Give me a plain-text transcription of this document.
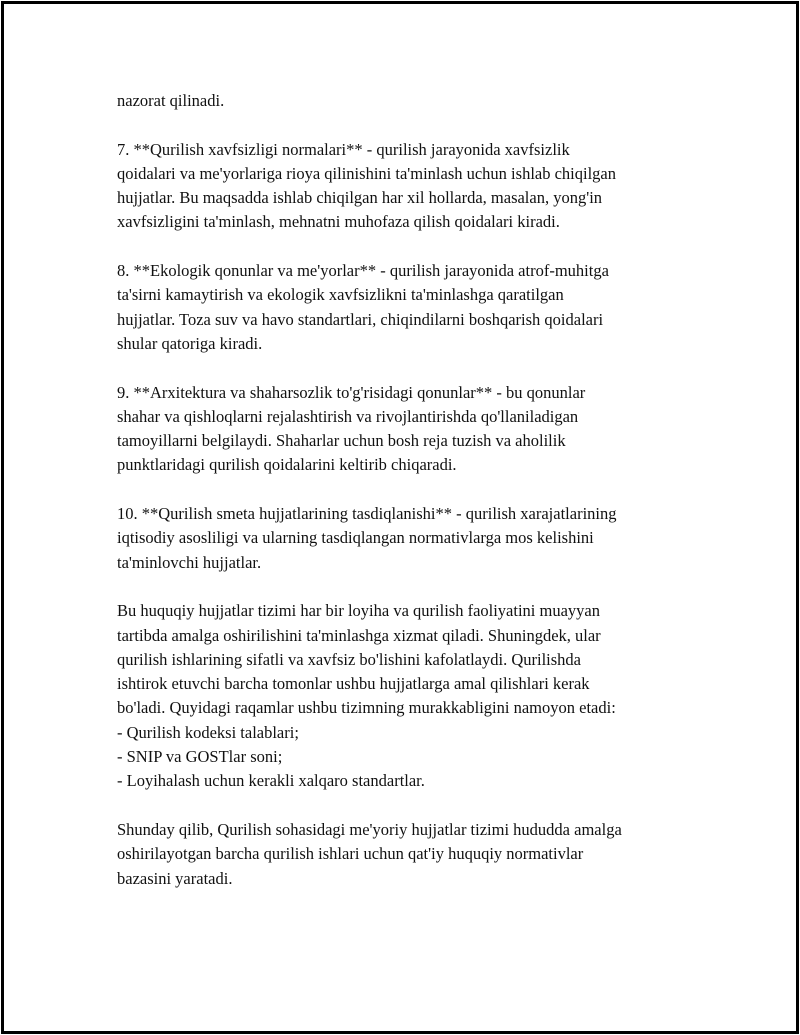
nazorat qilinadi.
7. **Qurilish xavfsizligi normalari** - qurilish jarayonida xavfsizlik
qoidalari va me'yorlariga rioya qilinishini ta'minlash uchun ishlab chiqilgan
hujjatlar. Bu maqsadda ishlab chiqilgan har xil hollarda, masalan, yong'in
xavfsizligini ta'minlash, mehnatni muhofaza qilish qoidalari kiradi.
8. **Ekologik qonunlar va me'yorlar** - qurilish jarayonida atrof-muhitga
ta'sirni kamaytirish va ekologik xavfsizlikni ta'minlashga qaratilgan
hujjatlar. Toza suv va havo standartlari, chiqindilarni boshqarish qoidalari
shular qatoriga kiradi.
9. **Arxitektura va shaharsozlik to'g'risidagi qonunlar** - bu qonunlar
shahar va qishloqlarni rejalashtirish va rivojlantirishda qo'llaniladigan
tamoyillarni belgilaydi. Shaharlar uchun bosh reja tuzish va aholilik
punktlaridagi qurilish qoidalarini keltirib chiqaradi.
10. **Qurilish smeta hujjatlarining tasdiqlanishi** - qurilish xarajatlarining
iqtisodiy asosliligi va ularning tasdiqlangan normativlarga mos kelishini
ta'minlovchi hujjatlar.
Bu huquqiy hujjatlar tizimi har bir loyiha va qurilish faoliyatini muayyan
tartibda amalga oshirilishini ta'minlashga xizmat qiladi. Shuningdek, ular
qurilish ishlarining sifatli va xavfsiz bo'lishini kafolatlaydi. Qurilishda
ishtirok etuvchi barcha tomonlar ushbu hujjatlarga amal qilishlari kerak
bo'ladi. Quyidagi raqamlar ushbu tizimning murakkabligini namoyon etadi:
- Qurilish kodeksi talablari;
- SNIP va GOSTlar soni;
- Loyihalash uchun kerakli xalqaro standartlar.
Shunday qilib, Qurilish sohasidagi me'yoriy hujjatlar tizimi hududda amalga
oshirilayotgan barcha qurilish ishlari uchun qat'iy huquqiy normativlar
bazasini yaratadi.
